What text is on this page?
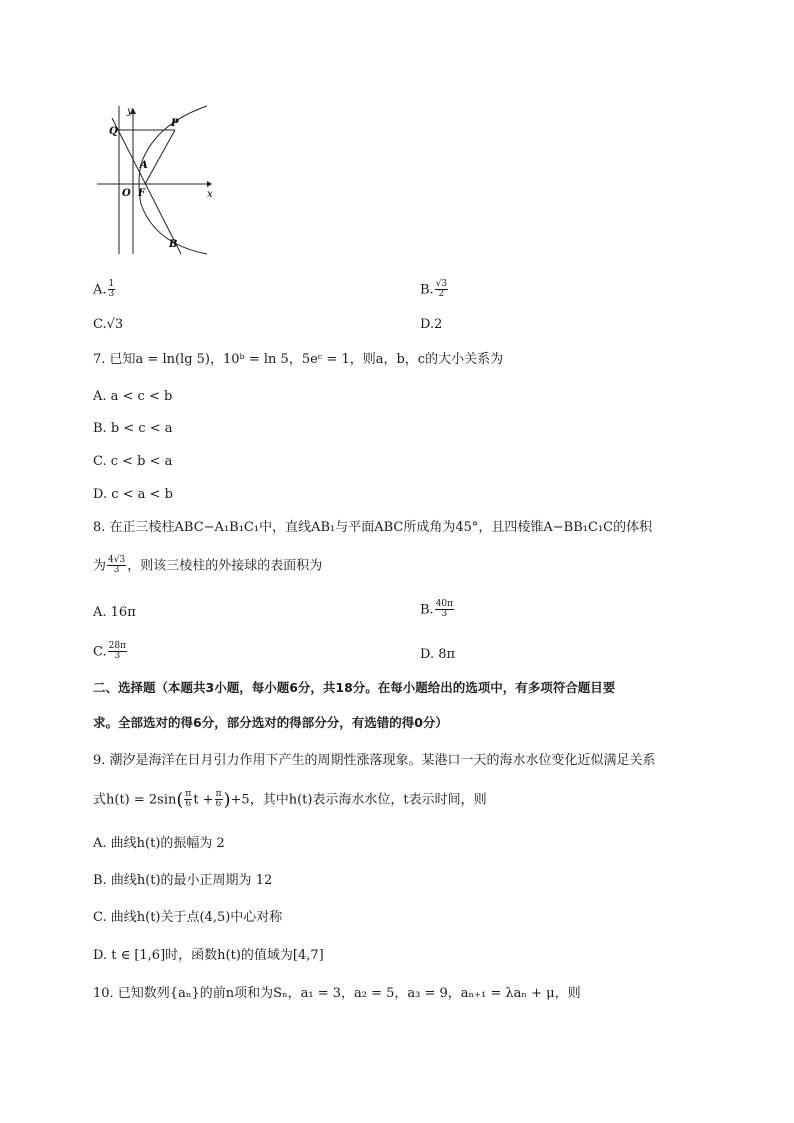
y
x
Q
P
A
O F
B
A. $\frac{1}{3}$	B. $\frac{√3}{2}$
C.√3	D.2
7. 已知a = ln(lg 5)，10ᵇ = ln 5，5eᶜ = 1，则a，b，c的大小关系为
A. a < c < b
B. b < c < a
C. c < b < a
D. c < a < b
8. 在正三棱柱ABC−A₁B₁C₁中，直线AB₁与平面ABC所成角为45°，且四棱锥A−BB₁C₁C的体积
为 $\frac{4√3}{3}$ ，则该三棱柱的外接球的表面积为
A. 16π	B. $\frac{40\pi}{3}$
C. $\frac{28\pi}{3}$	D. 8π
二、选择题（本题共3小题，每小题6分，共18分。在每小题给出的选项中，有多项符合题目要
求。全部选对的得6分，部分选对的得部分分，有选错的得0分）
9. 潮汐是海洋在日月引力作用下产生的周期性涨落现象。某港口一天的海水水位变化近似满足关系
式$h(t) = 2\sin( \frac{\pi}{6}$ $t + \frac{\pi}{6} )+5$，其中h(t)表示海水水位，t表示时间，则
A. 曲线h(t)的振幅为 2
B. 曲线h(t)的最小正周期为 12
C. 曲线h(t)关于点(4,5)中心对称
D. t ∈ [1,6]时，函数h(t)的值域为[4,7]
10. 已知数列{aₙ}的前n项和为Sₙ，a₁ = 3，a₂ = 5，a₃ = 9，aₙ₊₁ = λaₙ + μ，则
